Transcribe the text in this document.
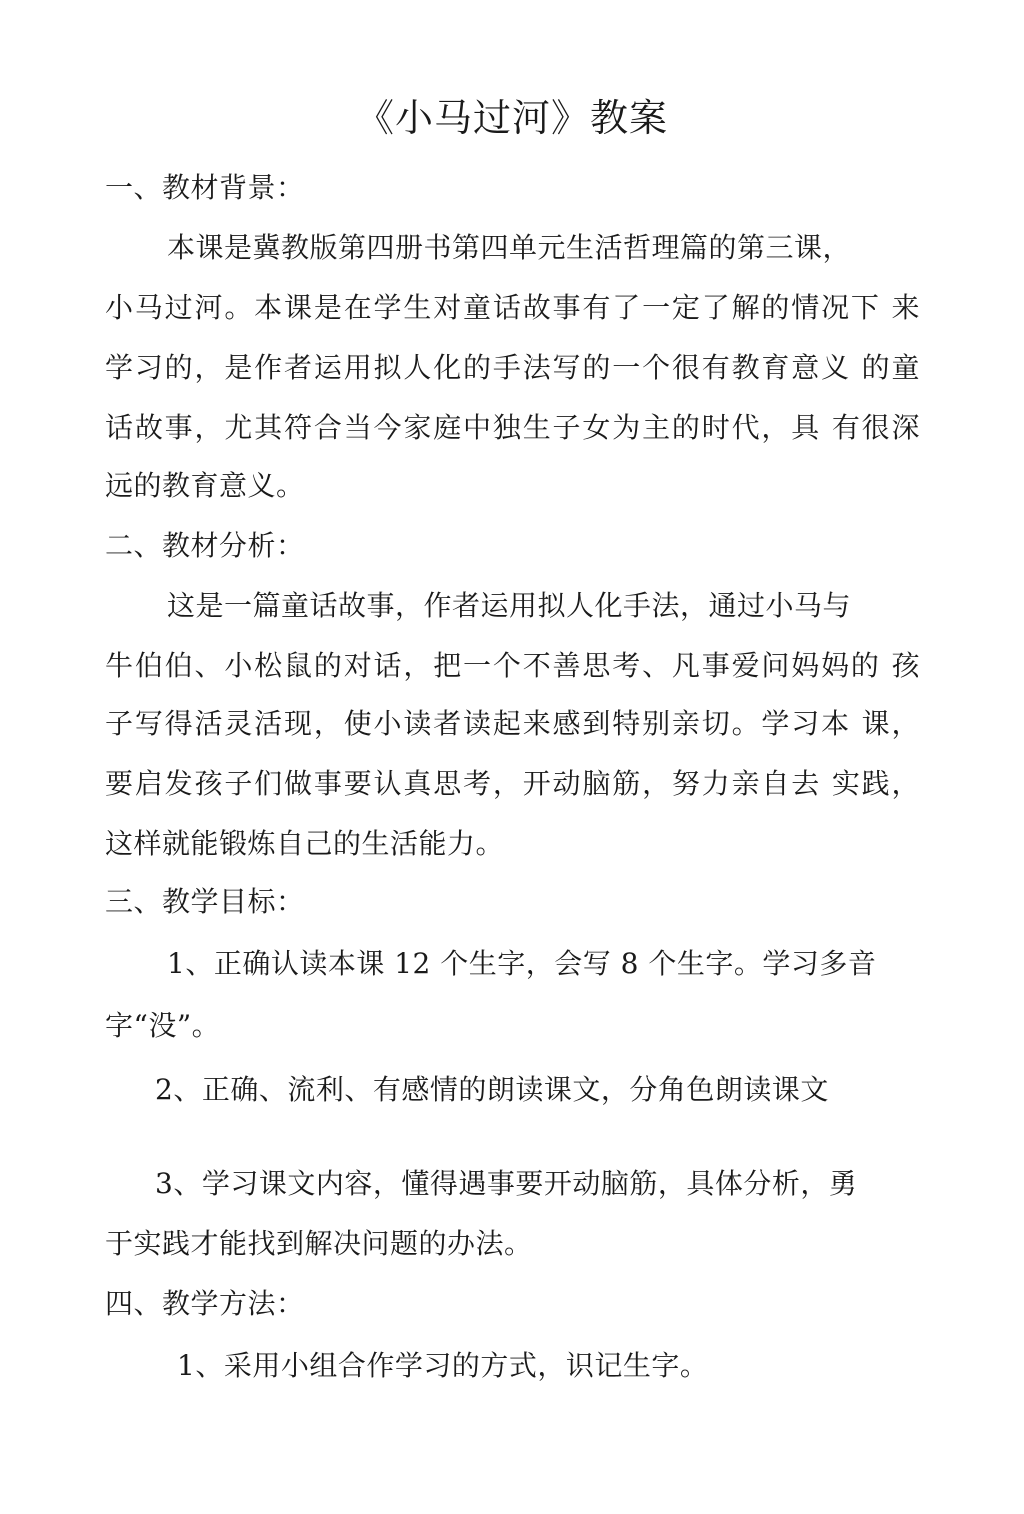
《小马过河》教案
一、教材背景：
本课是冀教版第四册书第四单元生活哲理篇的第三课，
小马过河。本课是在学生对童话故事有了一定了解的情况下 来
学习的，是作者运用拟人化的手法写的一个很有教育意义 的童
话故事，尤其符合当今家庭中独生子女为主的时代，具 有很深
远的教育意义。
二、教材分析：
这是一篇童话故事，作者运用拟人化手法，通过小马与
牛伯伯、小松鼠的对话，把一个不善思考、凡事爱问妈妈的 孩
子写得活灵活现，使小读者读起来感到特别亲切。学习本 课，
要启发孩子们做事要认真思考，开动脑筋，努力亲自去 实践，
这样就能锻炼自己的生活能力。
三、教学目标：
1、正确认读本课 12 个生字，会写 8 个生字。学习多音
字“没”。
2、正确、流利、有感情的朗读课文，分角色朗读课文
3、学习课文内容，懂得遇事要开动脑筋，具体分析，勇
于实践才能找到解决问题的办法。
四、教学方法：
1、采用小组合作学习的方式，识记生字。
